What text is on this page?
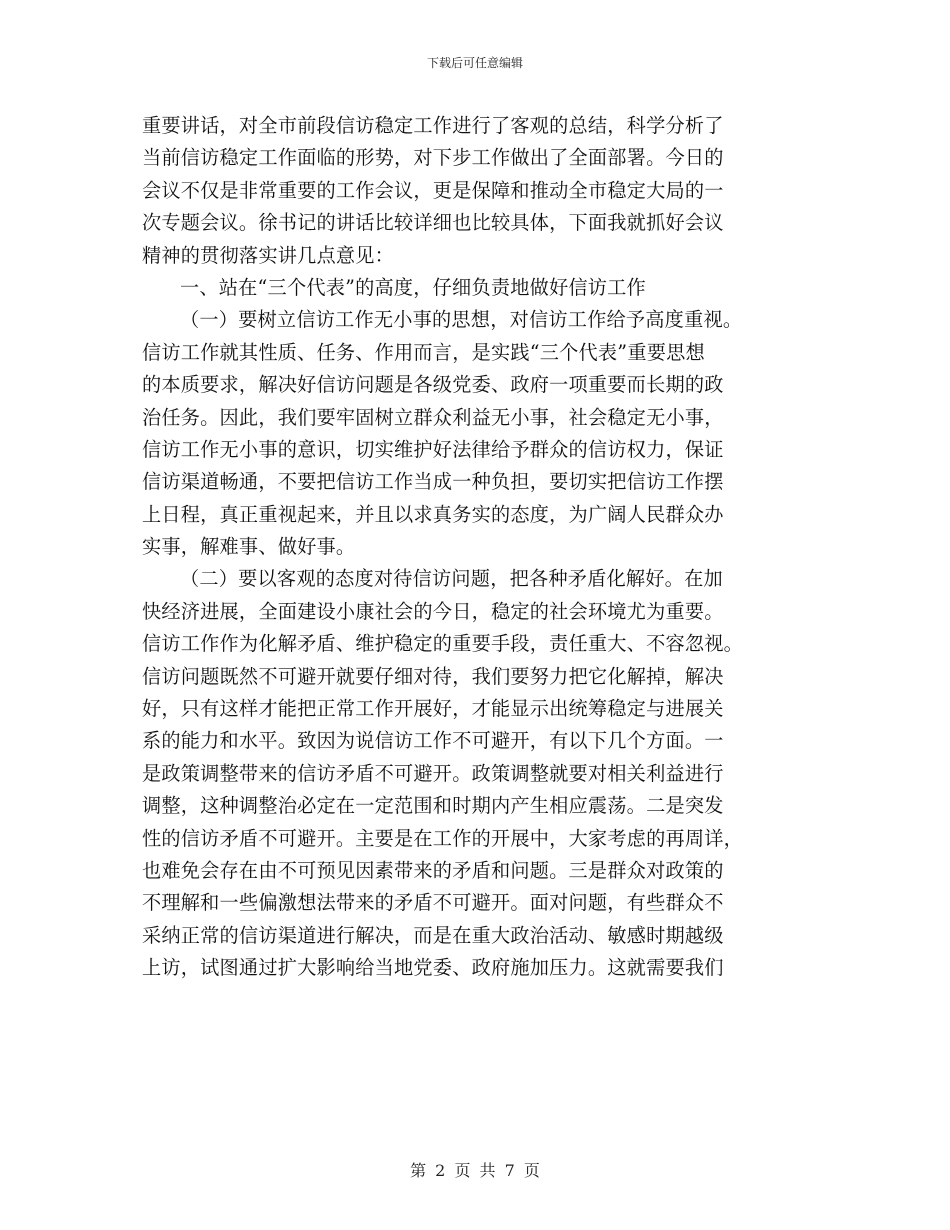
下载后可任意编辑
重要讲话，对全市前段信访稳定工作进行了客观的总结，科学分析了
当前信访稳定工作面临的形势，对下步工作做出了全面部署。今日的
会议不仅是非常重要的工作会议，更是保障和推动全市稳定大局的一
次专题会议。徐书记的讲话比较详细也比较具体，下面我就抓好会议
精神的贯彻落实讲几点意见：
一、站在“三个代表”的高度，仔细负责地做好信访工作
（一）要树立信访工作无小事的思想，对信访工作给予高度重视。
信访工作就其性质、任务、作用而言，是实践“三个代表”重要思想
的本质要求，解决好信访问题是各级党委、政府一项重要而长期的政
治任务。因此，我们要牢固树立群众利益无小事，社会稳定无小事，
信访工作无小事的意识，切实维护好法律给予群众的信访权力，保证
信访渠道畅通，不要把信访工作当成一种负担，要切实把信访工作摆
上日程，真正重视起来，并且以求真务实的态度，为广阔人民群众办
实事，解难事、做好事。
（二）要以客观的态度对待信访问题，把各种矛盾化解好。在加
快经济进展，全面建设小康社会的今日，稳定的社会环境尤为重要。
信访工作作为化解矛盾、维护稳定的重要手段，责任重大、不容忽视。
信访问题既然不可避开就要仔细对待，我们要努力把它化解掉，解决
好，只有这样才能把正常工作开展好，才能显示出统筹稳定与进展关
系的能力和水平。致因为说信访工作不可避开，有以下几个方面。一
是政策调整带来的信访矛盾不可避开。政策调整就要对相关利益进行
调整，这种调整治必定在一定范围和时期内产生相应震荡。二是突发
性的信访矛盾不可避开。主要是在工作的开展中，大家考虑的再周详，
也难免会存在由不可预见因素带来的矛盾和问题。三是群众对政策的
不理解和一些偏激想法带来的矛盾不可避开。面对问题，有些群众不
采纳正常的信访渠道进行解决，而是在重大政治活动、敏感时期越级
上访，试图通过扩大影响给当地党委、政府施加压力。这就需要我们
第 2 页 共 7 页
